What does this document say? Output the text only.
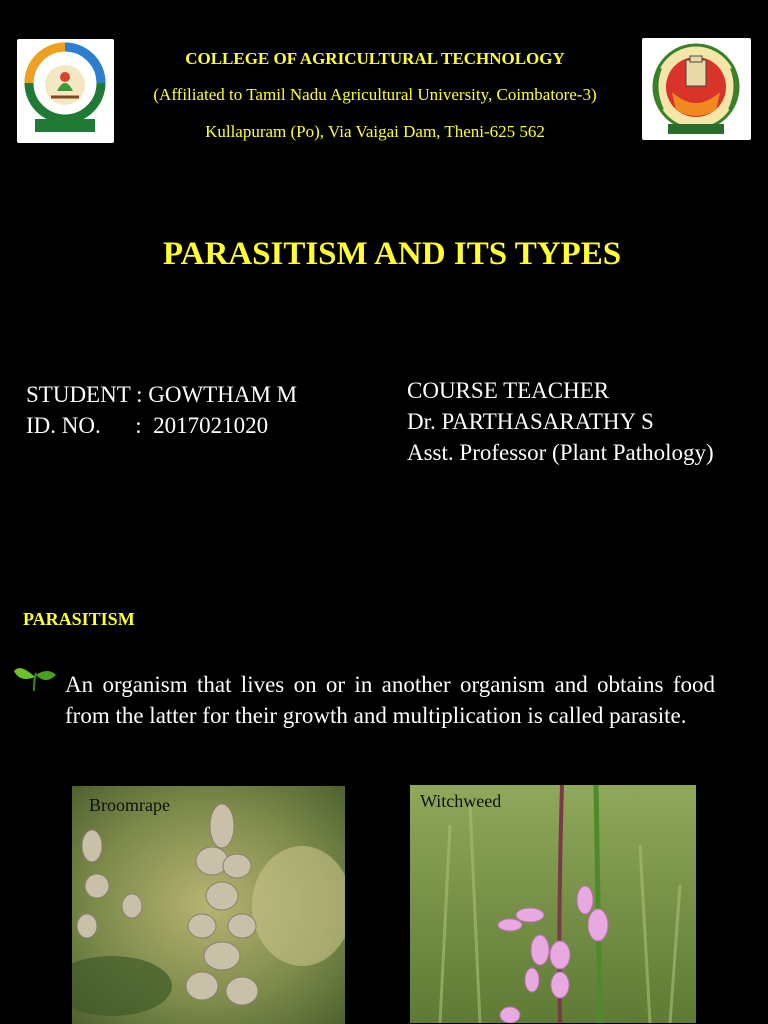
COLLEGE OF AGRICULTURAL TECHNOLOGY
(Affiliated to Tamil Nadu Agricultural University, Coimbatore-3)
Kullapuram (Po), Via Vaigai Dam, Theni-625 562
PARASITISM AND ITS TYPES
STUDENT : GOWTHAM M
ID. NO.      :  2017021020
COURSE TEACHER
Dr. PARTHASARATHY S
Asst. Professor (Plant Pathology)
PARASITISM
An organism that lives on or in another organism and obtains food from the latter for their growth and multiplication is called parasite.
Broomrape	Witchweed
